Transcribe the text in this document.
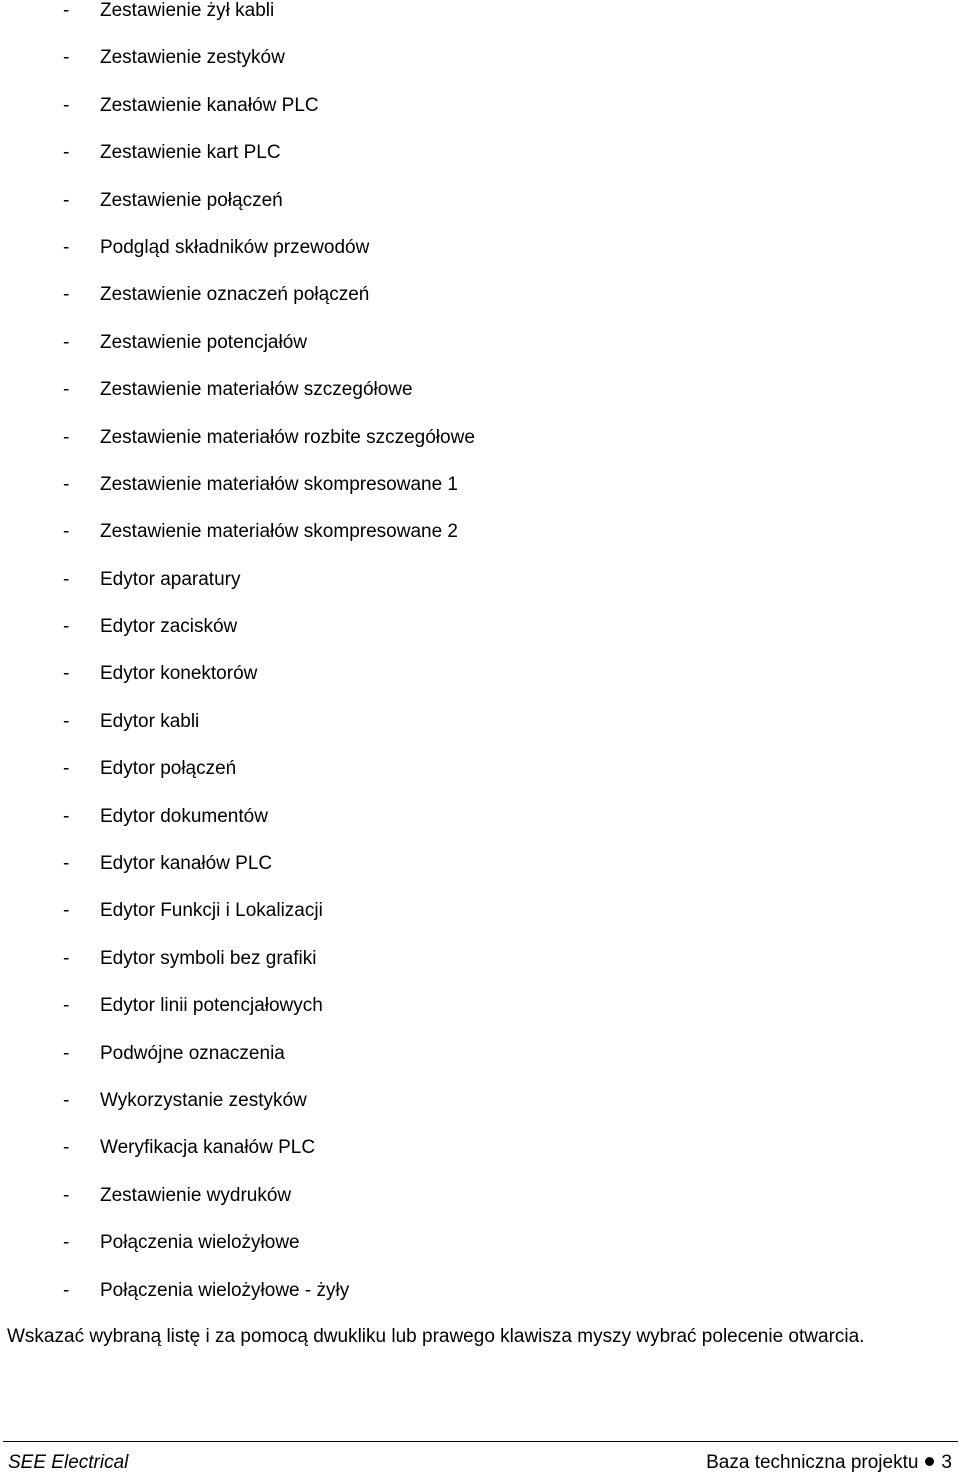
- Zestawienie żył kabli
- Zestawienie zestyków
- Zestawienie kanałów PLC
- Zestawienie kart PLC
- Zestawienie połączeń
- Podgląd składników przewodów
- Zestawienie oznaczeń połączeń
- Zestawienie potencjałów
- Zestawienie materiałów szczegółowe
- Zestawienie materiałów rozbite szczegółowe
- Zestawienie materiałów skompresowane 1
- Zestawienie materiałów skompresowane 2
- Edytor aparatury
- Edytor zacisków
- Edytor konektorów
- Edytor kabli
- Edytor połączeń
- Edytor dokumentów
- Edytor kanałów PLC
- Edytor Funkcji i Lokalizacji
- Edytor symboli bez grafiki
- Edytor linii potencjałowych
- Podwójne oznaczenia
- Wykorzystanie zestyków
- Weryfikacja kanałów PLC
- Zestawienie wydruków
- Połączenia wielożyłowe
- Połączenia wielożyłowe - żyły
Wskazać wybraną listę i za pomocą dwukliku lub prawego klawisza myszy wybrać polecenie otwarcia.
SEE Electrical	Baza techniczna projektu 3
